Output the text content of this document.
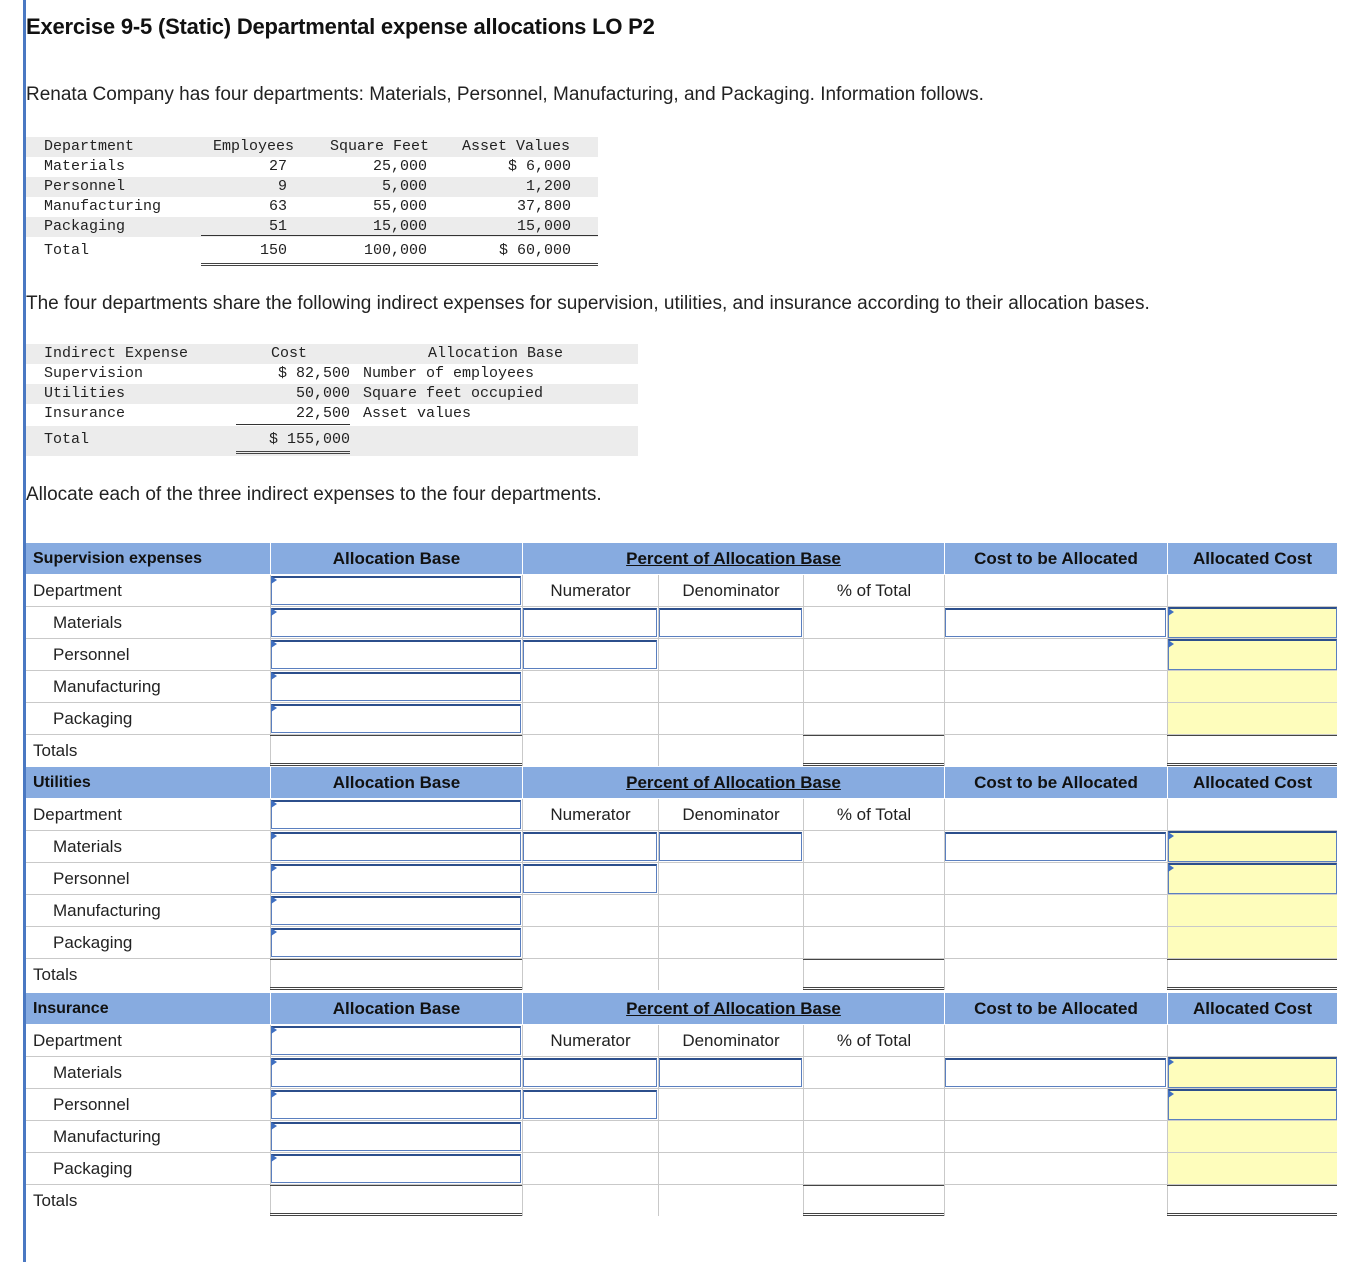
Exercise 9-5 (Static) Departmental expense allocations LO P2
Renata Company has four departments: Materials, Personnel, Manufacturing, and Packaging. Information follows.
Department	Employees Square Feet Asset Values
Materials	27	25,000	$ 6,000
Personnel	9	5,000	1,200
Manufacturing	63	55,000	37,800
Packaging	51	15,000	15,000
Total	150	100,000	$ 60,000
The four departments share the following indirect expenses for supervision, utilities, and insurance according to their allocation bases.
Indirect Expense	Cost	Allocation Base
Supervision	$ 82,500 Number of employees
Utilities	50,000 Square feet occupied
Insurance	22,500 Asset values
Total	$ 155,000
Allocate each of the three indirect expenses to the four departments.
Supervision expenses	Allocation Base	Percent of Allocation Base	Cost to be Allocated	Allocated Cost
Department	Numerator	Denominator	% of Total
Materials
Personnel
Manufacturing
Packaging
Totals
Utilities	Allocation Base	Percent of Allocation Base	Cost to be Allocated	Allocated Cost
Department	Numerator	Denominator	% of Total
Materials
Personnel
Manufacturing
Packaging
Totals
Insurance	Allocation Base	Percent of Allocation Base	Cost to be Allocated	Allocated Cost
Department	Numerator	Denominator	% of Total
Materials
Personnel
Manufacturing
Packaging
Totals
